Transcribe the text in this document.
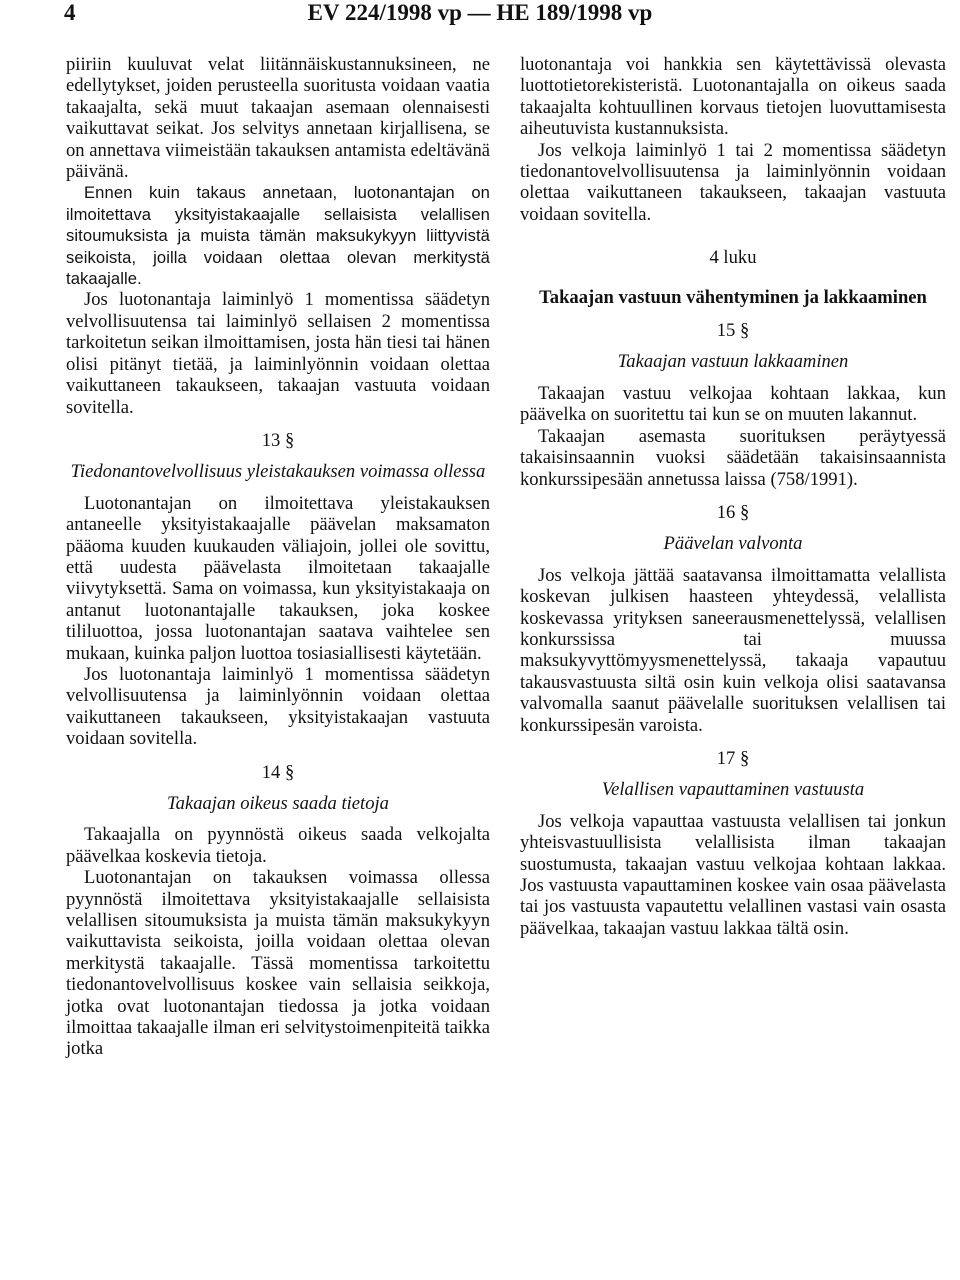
4	EV 224/1998 vp — HE 189/1998 vp

piiriin kuuluvat velat liitännäiskustannuksineen, ne edellytykset, joiden perusteella suoritusta voidaan vaatia takaajalta, sekä muut takaajan asemaan olennaisesti vaikuttavat seikat. Jos selvitys annetaan kirjallisena, se on annettava viimeistään takauksen antamista edeltävänä päivänä.

Ennen kuin takaus annetaan, luotonantajan on ilmoitettava yksityistakaajalle sellaisista velallisen sitoumuksista ja muista tämän maksukykyyn liittyvistä seikoista, joilla voidaan olettaa olevan merkitystä takaajalle.

Jos luotonantaja laiminlyö 1 momentissa säädetyn velvollisuutensa tai laiminlyö sellaisen 2 momentissa tarkoitetun seikan ilmoittamisen, josta hän tiesi tai hänen olisi pitänyt tietää, ja laiminlyönnin voidaan olettaa vaikuttaneen takaukseen, takaajan vastuuta voidaan sovitella.

13 §
Tiedonantovelvollisuus yleistakauksen voimassa ollessa

Luotonantajan on ilmoitettava yleistakauksen antaneelle yksityistakaajalle päävelan maksamaton pääoma kuuden kuukauden väliajoin, jollei ole sovittu, että uudesta päävelasta ilmoitetaan takaajalle viivytyksettä. Sama on voimassa, kun yksityistakaaja on antanut luotonantajalle takauksen, joka koskee tililuottoa, jossa luotonantajan saatava vaihtelee sen mukaan, kuinka paljon luottoa tosiasiallisesti käytetään.

Jos luotonantaja laiminlyö 1 momentissa säädetyn velvollisuutensa ja laiminlyönnin voidaan olettaa vaikuttaneen takaukseen, yksityistakaajan vastuuta voidaan sovitella.

14 §
Takaajan oikeus saada tietoja

Takaajalla on pyynnöstä oikeus saada velkojalta päävelkaa koskevia tietoja.

Luotonantajan on takauksen voimassa ollessa pyynnöstä ilmoitettava yksityistakaajalle sellaisista velallisen sitoumuksista ja muista tämän maksukykyyn vaikuttavista seikoista, joilla voidaan olettaa olevan merkitystä takaajalle. Tässä momentissa tarkoitettu tiedonantovelvollisuus koskee vain sellaisia seikkoja, jotka ovat luotonantajan tiedossa ja jotka voidaan ilmoittaa takaajalle ilman eri selvitystoimenpiteitä taikka jotka

luotonantaja voi hankkia sen käytettävissä olevasta luottotietorekisteristä. Luotonantajalla on oikeus saada takaajalta kohtuullinen korvaus tietojen luovuttamisesta aiheutuvista kustannuksista.

Jos velkoja laiminlyö 1 tai 2 momentissa säädetyn tiedonantovelvollisuutensa ja laiminlyönnin voidaan olettaa vaikuttaneen takaukseen, takaajan vastuuta voidaan sovitella.

4 luku
Takaajan vastuun vähentyminen ja lakkaaminen
15 §
Takaajan vastuun lakkaaminen

Takaajan vastuu velkojaa kohtaan lakkaa, kun päävelka on suoritettu tai kun se on muuten lakannut.

Takaajan asemasta suorituksen peräytyessä takaisinsaannin vuoksi säädetään takaisinsaannista konkurssipesään annetussa laissa (758/1991).

16 §
Päävelan valvonta

Jos velkoja jättää saatavansa ilmoittamatta velallista koskevan julkisen haasteen yhteydessä, velallista koskevassa yrityksen saneerausmenettelyssä, velallisen konkurssissa tai muussa maksukyvyttömyysmenettelyssä, takaaja vapautuu takausvastuusta siltä osin kuin velkoja olisi saatavansa valvomalla saanut päävelalle suorituksen velallisen tai konkurssipesän varoista.

17 §
Velallisen vapauttaminen vastuusta

Jos velkoja vapauttaa vastuusta velallisen tai jonkun yhteisvastuullisista velallisista ilman takaajan suostumusta, takaajan vastuu velkojaa kohtaan lakkaa. Jos vastuusta vapauttaminen koskee vain osaa päävelasta tai jos vastuusta vapautettu velallinen vastasi vain osasta päävelkaa, takaajan vastuu lakkaa tältä osin.
